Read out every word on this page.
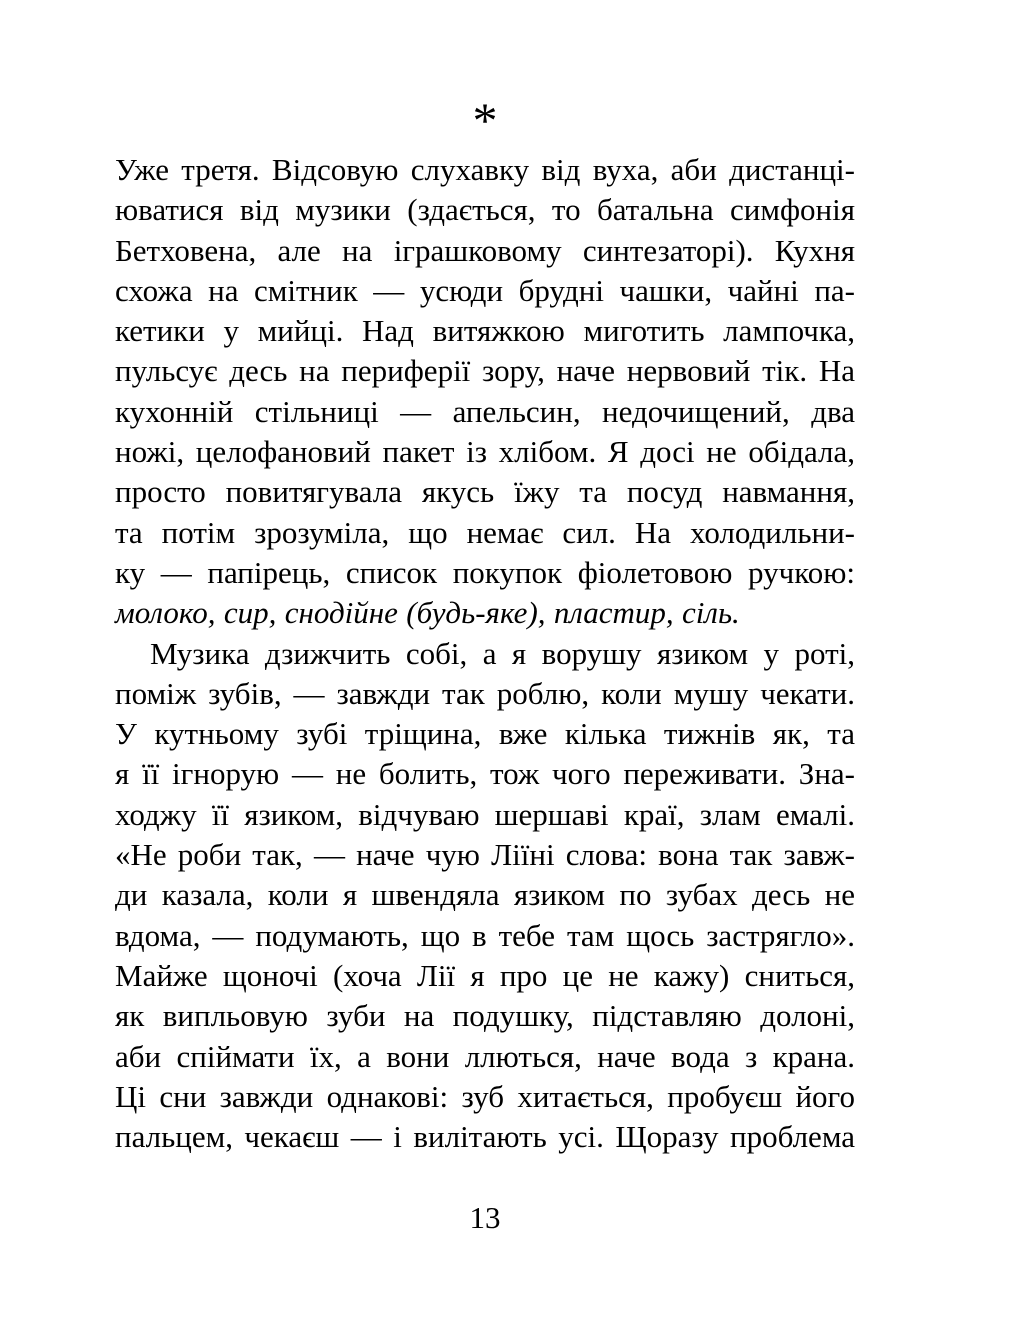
*
Уже третя. Відсовую слухавку від вуха, аби дистанці-
юватися від музики (здається, то батальна симфонія
Бетховена, але на іграшковому синтезаторі). Кухня
схожа на смітник — усюди брудні чашки, чайні па-
кетики у мийці. Над витяжкою миготить лампочка,
пульсує десь на периферії зору, наче нервовий тік. На
кухонній стільниці — апельсин, недочищений, два
ножі, целофановий пакет із хлібом. Я досі не обідала,
просто повитягувала якусь їжу та посуд навмання,
та потім зрозуміла, що немає сил. На холодильни-
ку — папірець, список покупок фіолетовою ручкою:
молоко, сир, снодійне (будь-яке), пластир, сіль.
Музика дзижчить собі, а я ворушу язиком у роті,
поміж зубів, — завжди так роблю, коли мушу чекати.
У кутньому зубі тріщина, вже кілька тижнів як, та
я її ігнорую — не болить, тож чого переживати. Зна-
ходжу її язиком, відчуваю шершаві краї, злам емалі.
«Не роби так, — наче чую Ліїні слова: вона так завж-
ди казала, коли я швендяла язиком по зубах десь не
вдома, — подумають, що в тебе там щось застрягло».
Майже щоночі (хоча Лії я про це не кажу) сниться,
як випльовую зуби на подушку, підставляю долоні,
аби спіймати їх, а вони ллються, наче вода з крана.
Ці сни завжди однакові: зуб хитається, пробуєш його
пальцем, чекаєш — і вилітають усі. Щоразу проблема
13
